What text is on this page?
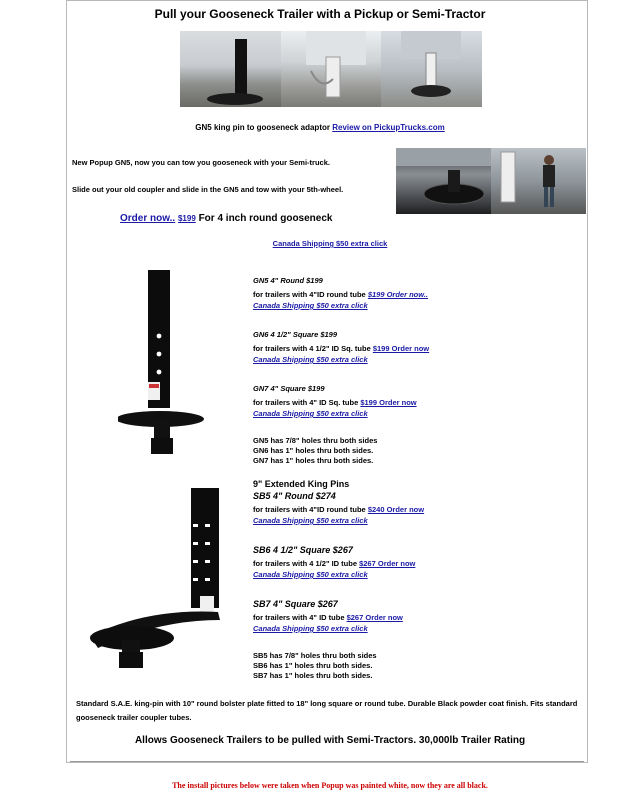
Pull your Gooseneck Trailer with a Pickup or Semi-Tractor
GN5 king pin to gooseneck adaptor Review on PickupTrucks.com
New Popup GN5, now you can tow you gooseneck with your Semi-truck.
Slide out your old coupler and slide in the GN5 and tow with your 5th-wheel.
Order now.. $199 For 4 inch round gooseneck
Canada Shipping $50 extra click
GN5 4" Round $199
for trailers with 4"ID round tube $199 Order now..
Canada Shipping $50 extra click
GN6 4 1/2" Square $199
for trailers with 4 1/2" ID Sq. tube $199 Order now
Canada Shipping $50 extra click
GN7 4" Square $199
for trailers with 4" ID Sq. tube $199 Order now
Canada Shipping $50 extra click
GN5 has 7/8" holes thru both sides
GN6 has 1" holes thru both sides.
GN7 has 1" holes thru both sides.
9" Extended King Pins
SB5 4" Round $274
for trailers with 4"ID round tube $240 Order now
Canada Shipping $50 extra click
SB6 4 1/2" Square $267
for trailers with 4 1/2" ID tube $267 Order now
Canada Shipping $50 extra click
SB7 4" Square $267
for trailers with 4" ID tube $267 Order now
Canada Shipping $50 extra click
SB5 has 7/8" holes thru both sides
SB6 has 1" holes thru both sides.
SB7 has 1" holes thru both sides.
Standard S.A.E. king-pin with 10" round bolster plate fitted to 18" long square or round tube. Durable Black powder coat finish. Fits standard gooseneck trailer coupler tubes.
Allows Gooseneck Trailers to be pulled with Semi-Tractors. 30,000lb Trailer Rating
The install pictures below were taken when Popup was painted white, now they are all black.
